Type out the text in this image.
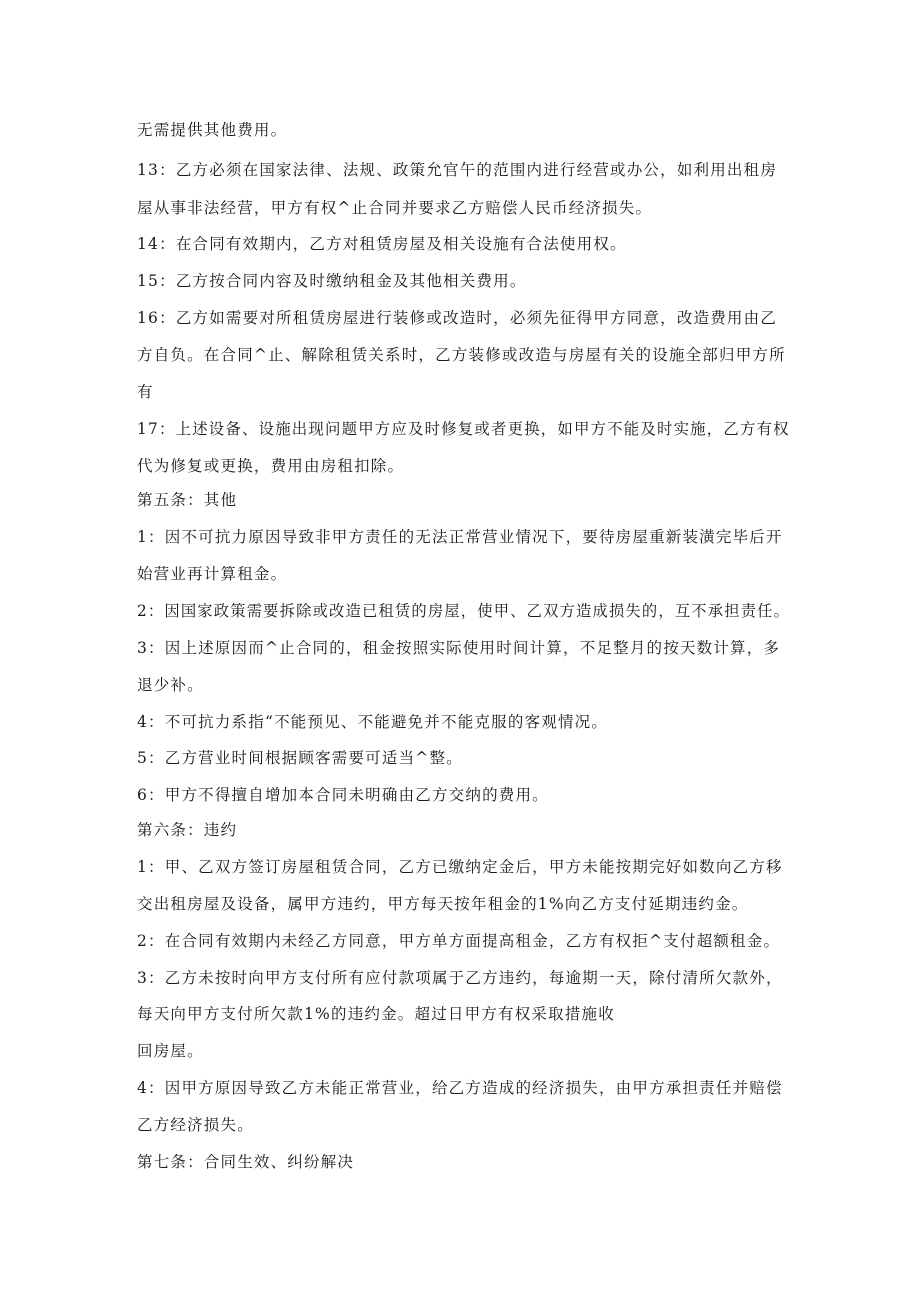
无需提供其他费用。
13：乙方必须在国家法律、法规、政策允官午的范围内进行经营或办公，如利用出租房
屋从事非法经营，甲方有权^止合同并要求乙方赔偿人民币经济损失。
14：在合同有效期内，乙方对租赁房屋及相关设施有合法使用权。
15：乙方按合同内容及时缴纳租金及其他相关费用。
16：乙方如需要对所租赁房屋进行装修或改造时，必须先征得甲方同意，改造费用由乙
方自负。在合同^止、解除租赁关系时，乙方装修或改造与房屋有关的设施全部归甲方所
有
17：上述设备、设施出现问题甲方应及时修复或者更换，如甲方不能及时实施，乙方有权
代为修复或更换，费用由房租扣除。
第五条：其他
1：因不可抗力原因导致非甲方责任的无法正常营业情况下，要待房屋重新装潢完毕后开
始营业再计算租金。
2：因国家政策需要拆除或改造已租赁的房屋，使甲、乙双方造成损失的，互不承担责任。
3：因上述原因而^止合同的，租金按照实际使用时间计算，不足整月的按天数计算，多
退少补。
4：不可抗力系指“不能预见、不能避免并不能克服的客观情况。
5：乙方营业时间根据顾客需要可适当^整。
6：甲方不得擅自增加本合同未明确由乙方交纳的费用。
第六条：违约
1：甲、乙双方签订房屋租赁合同，乙方已缴纳定金后，甲方未能按期完好如数向乙方移
交出租房屋及设备，属甲方违约，甲方每天按年租金的1%向乙方支付延期违约金。
2：在合同有效期内未经乙方同意，甲方单方面提高租金，乙方有权拒^支付超额租金。
3：乙方未按时向甲方支付所有应付款项属于乙方违约，每逾期一天，除付清所欠款外，
每天向甲方支付所欠款1%的违约金。超过日甲方有权采取措施收
回房屋。
4：因甲方原因导致乙方未能正常营业，给乙方造成的经济损失，由甲方承担责任并赔偿
乙方经济损失。
第七条：合同生效、纠纷解决
